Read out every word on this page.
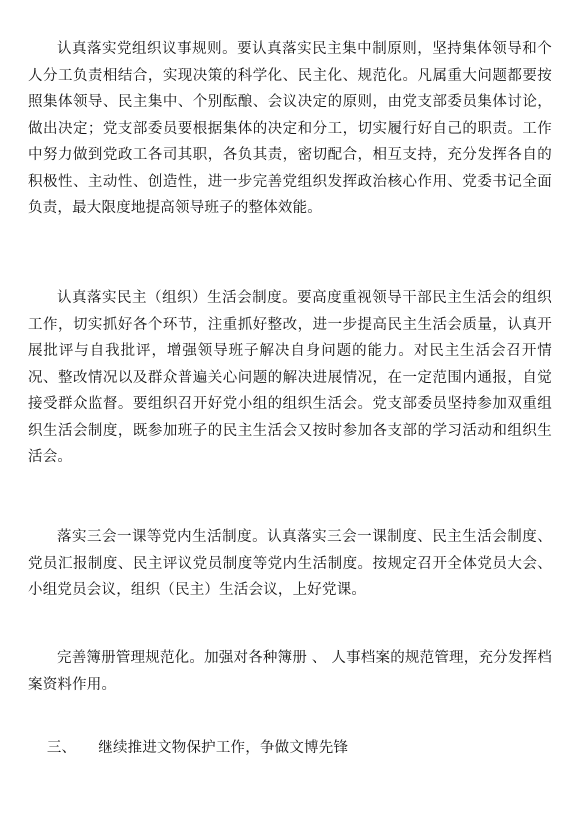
认真落实党组织议事规则。要认真落实民主集中制原则，坚持集体领导和个人分工负责相结合，实现决策的科学化、民主化、规范化。凡属重大问题都要按照集体领导、民主集中、个别酝酿、会议决定的原则，由党支部委员集体讨论，做出决定；党支部委员要根据集体的决定和分工，切实履行好自己的职责。工作中努力做到党政工各司其职，各负其责，密切配合，相互支持，充分发挥各自的积极性、主动性、创造性，进一步完善党组织发挥政治核心作用、党委书记全面负责，最大限度地提高领导班子的整体效能。

认真落实民主（组织）生活会制度。要高度重视领导干部民主生活会的组织工作，切实抓好各个环节，注重抓好整改，进一步提高民主生活会质量，认真开展批评与自我批评，增强领导班子解决自身问题的能力。对民主生活会召开情况、整改情况以及群众普遍关心问题的解决进展情况，在一定范围内通报，自觉接受群众监督。要组织召开好党小组的组织生活会。党支部委员坚持参加双重组织生活会制度，既参加班子的民主生活会又按时参加各支部的学习活动和组织生活会。

落实三会一课等党内生活制度。认真落实三会一课制度、民主生活会制度、党员汇报制度、民主评议党员制度等党内生活制度。按规定召开全体党员大会、小组党员会议，组织（民主）生活会议，上好党课。

完善簿册管理规范化。加强对各种簿册 、 人事档案的规范管理，充分发挥档案资料作用。

三、 继续推进文物保护工作，争做文博先锋
